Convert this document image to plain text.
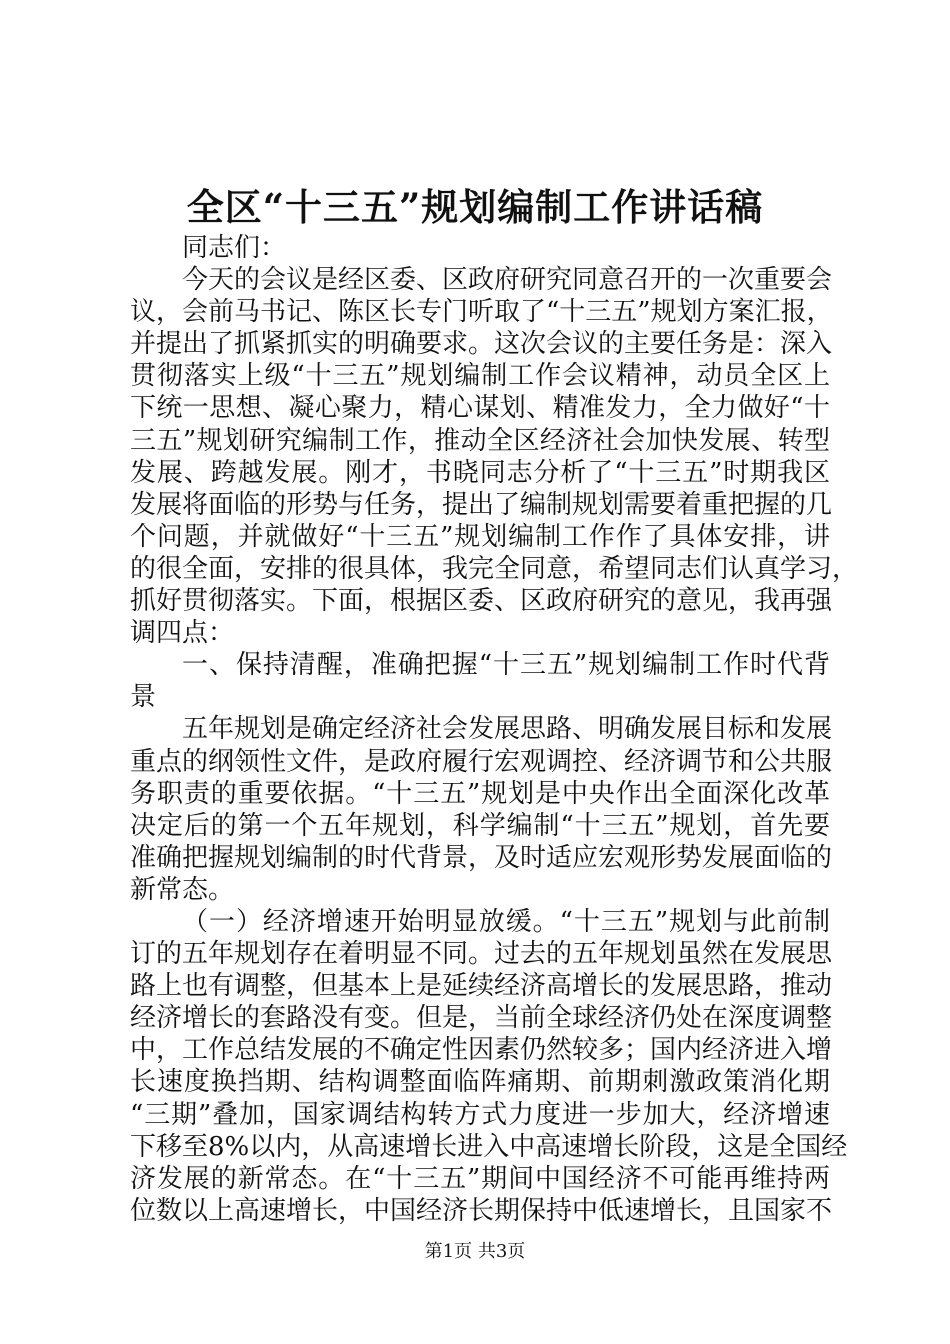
全区“十三五”规划编制工作讲话稿

同志们：

今天的会议是经区委、区政府研究同意召开的一次重要会
议，会前马书记、陈区长专门听取了“十三五”规划方案汇报，
并提出了抓紧抓实的明确要求。这次会议的主要任务是：深入
贯彻落实上级“十三五”规划编制工作会议精神，动员全区上
下统一思想、凝心聚力，精心谋划、精准发力，全力做好“十
三五”规划研究编制工作，推动全区经济社会加快发展、转型
发展、跨越发展。刚才，书晓同志分析了“十三五”时期我区
发展将面临的形势与任务，提出了编制规划需要着重把握的几
个问题，并就做好“十三五”规划编制工作作了具体安排，讲
的很全面，安排的很具体，我完全同意，希望同志们认真学习，
抓好贯彻落实。下面，根据区委、区政府研究的意见，我再强
调四点：

一、保持清醒，准确把握“十三五”规划编制工作时代背
景

五年规划是确定经济社会发展思路、明确发展目标和发展
重点的纲领性文件，是政府履行宏观调控、经济调节和公共服
务职责的重要依据。“十三五”规划是中央作出全面深化改革
决定后的第一个五年规划，科学编制“十三五”规划，首先要
准确把握规划编制的时代背景，及时适应宏观形势发展面临的
新常态。

（一）经济增速开始明显放缓。“十三五”规划与此前制
订的五年规划存在着明显不同。过去的五年规划虽然在发展思
路上也有调整，但基本上是延续经济高增长的发展思路，推动
经济增长的套路没有变。但是，当前全球经济仍处在深度调整
中，工作总结发展的不确定性因素仍然较多；国内经济进入增
长速度换挡期、结构调整面临阵痛期、前期刺激政策消化期
“三期”叠加，国家调结构转方式力度进一步加大，经济增速
下移至8%以内，从高速增长进入中高速增长阶段，这是全国经
济发展的新常态。在“十三五”期间中国经济不可能再维持两
位数以上高速增长，中国经济长期保持中低速增长，且国家不

第1页 共3页
